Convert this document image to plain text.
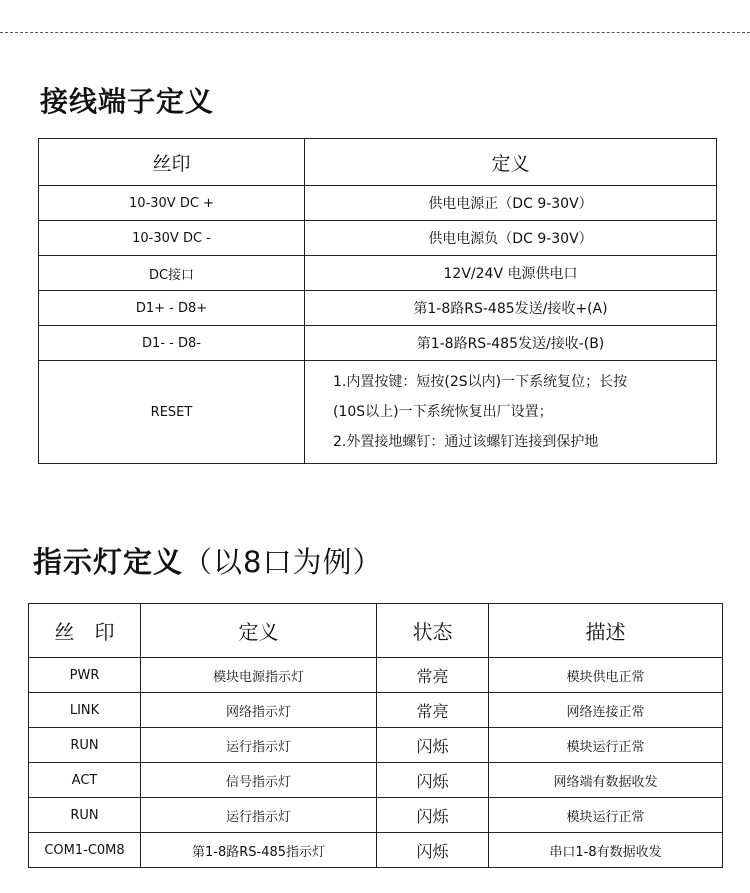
接线端子定义
丝印	定义
10-30V DC +	供电电源正（DC 9-30V）
10-30V DC -	供电电源负（DC 9-30V）
DC接口	12V/24V 电源供电口
D1+ - D8+	第1-8路RS-485发送/接收+(A)
D1- - D8-	第1-8路RS-485发送/接收-(B)
RESET	1.内置按键：短按(2S以内)一下系统复位；长按
(10S以上)一下系统恢复出厂设置；
2.外置接地螺钉：通过该螺钉连接到保护地
指示灯定义（以8口为例）
丝　印	定义	状态	描述
PWR	模块电源指示灯	常亮	模块供电正常
LINK	网络指示灯	常亮	网络连接正常
RUN	运行指示灯	闪烁	模块运行正常
ACT	信号指示灯	闪烁	网络端有数据收发
RUN	运行指示灯	闪烁	模块运行正常
COM1-C0M8	第1-8路RS-485指示灯	闪烁	串口1-8有数据收发
